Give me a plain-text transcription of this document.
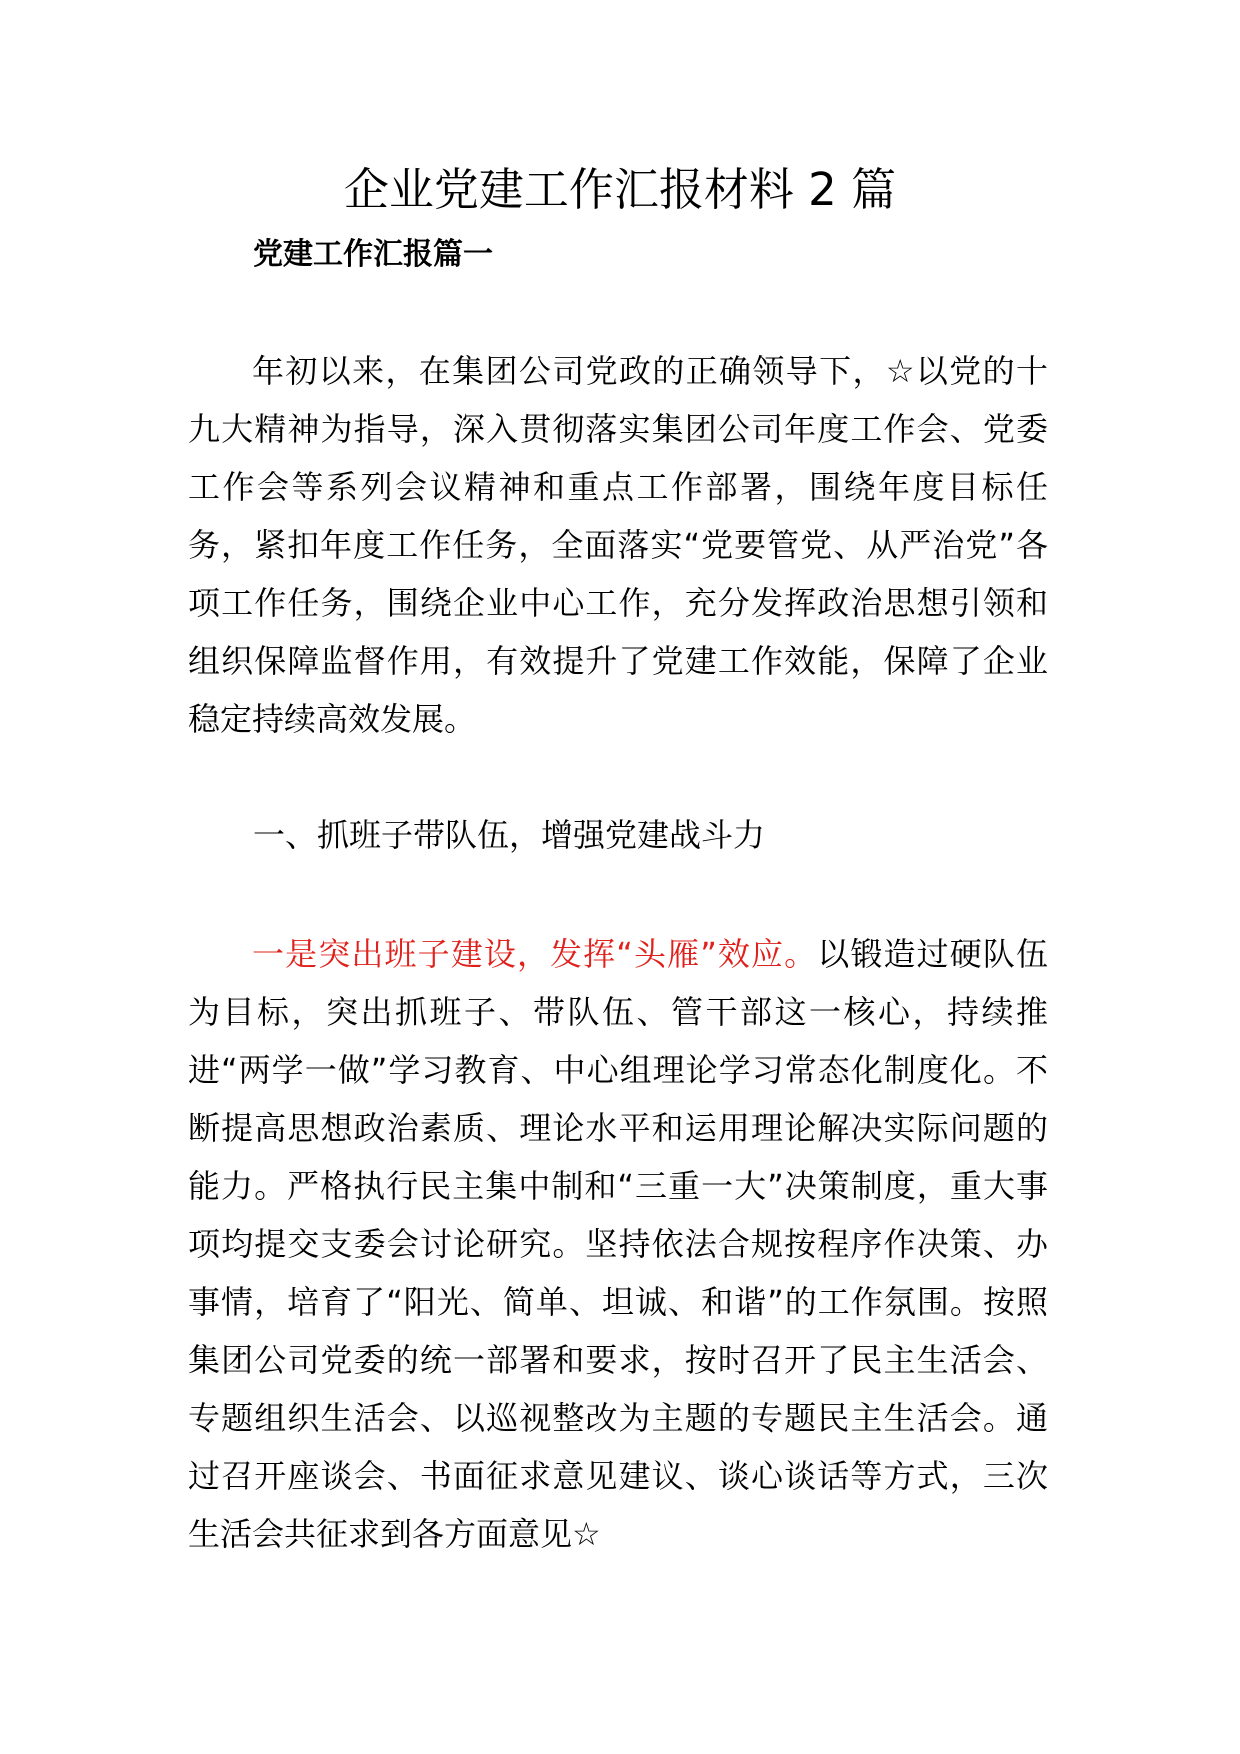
企业党建工作汇报材料 2 篇
党建工作汇报篇一

年初以来，在集团公司党政的正确领导下，☆以党的十九大精神为指导，深入贯彻落实集团公司年度工作会、党委工作会等系列会议精神和重点工作部署，围绕年度目标任务，紧扣年度工作任务，全面落实“党要管党、从严治党”各项工作任务，围绕企业中心工作，充分发挥政治思想引领和组织保障监督作用，有效提升了党建工作效能，保障了企业稳定持续高效发展。

一、抓班子带队伍，增强党建战斗力

一是突出班子建设，发挥“头雁”效应。以锻造过硬队伍为目标，突出抓班子、带队伍、管干部这一核心，持续推进“两学一做”学习教育、中心组理论学习常态化制度化。不断提高思想政治素质、理论水平和运用理论解决实际问题的能力。严格执行民主集中制和“三重一大”决策制度，重大事项均提交支委会讨论研究。坚持依法合规按程序作决策、办事情，培育了“阳光、简单、坦诚、和谐”的工作氛围。按照集团公司党委的统一部署和要求，按时召开了民主生活会、专题组织生活会、以巡视整改为主题的专题民主生活会。通过召开座谈会、书面征求意见建议、谈心谈话等方式，三次生活会共征求到各方面意见☆
